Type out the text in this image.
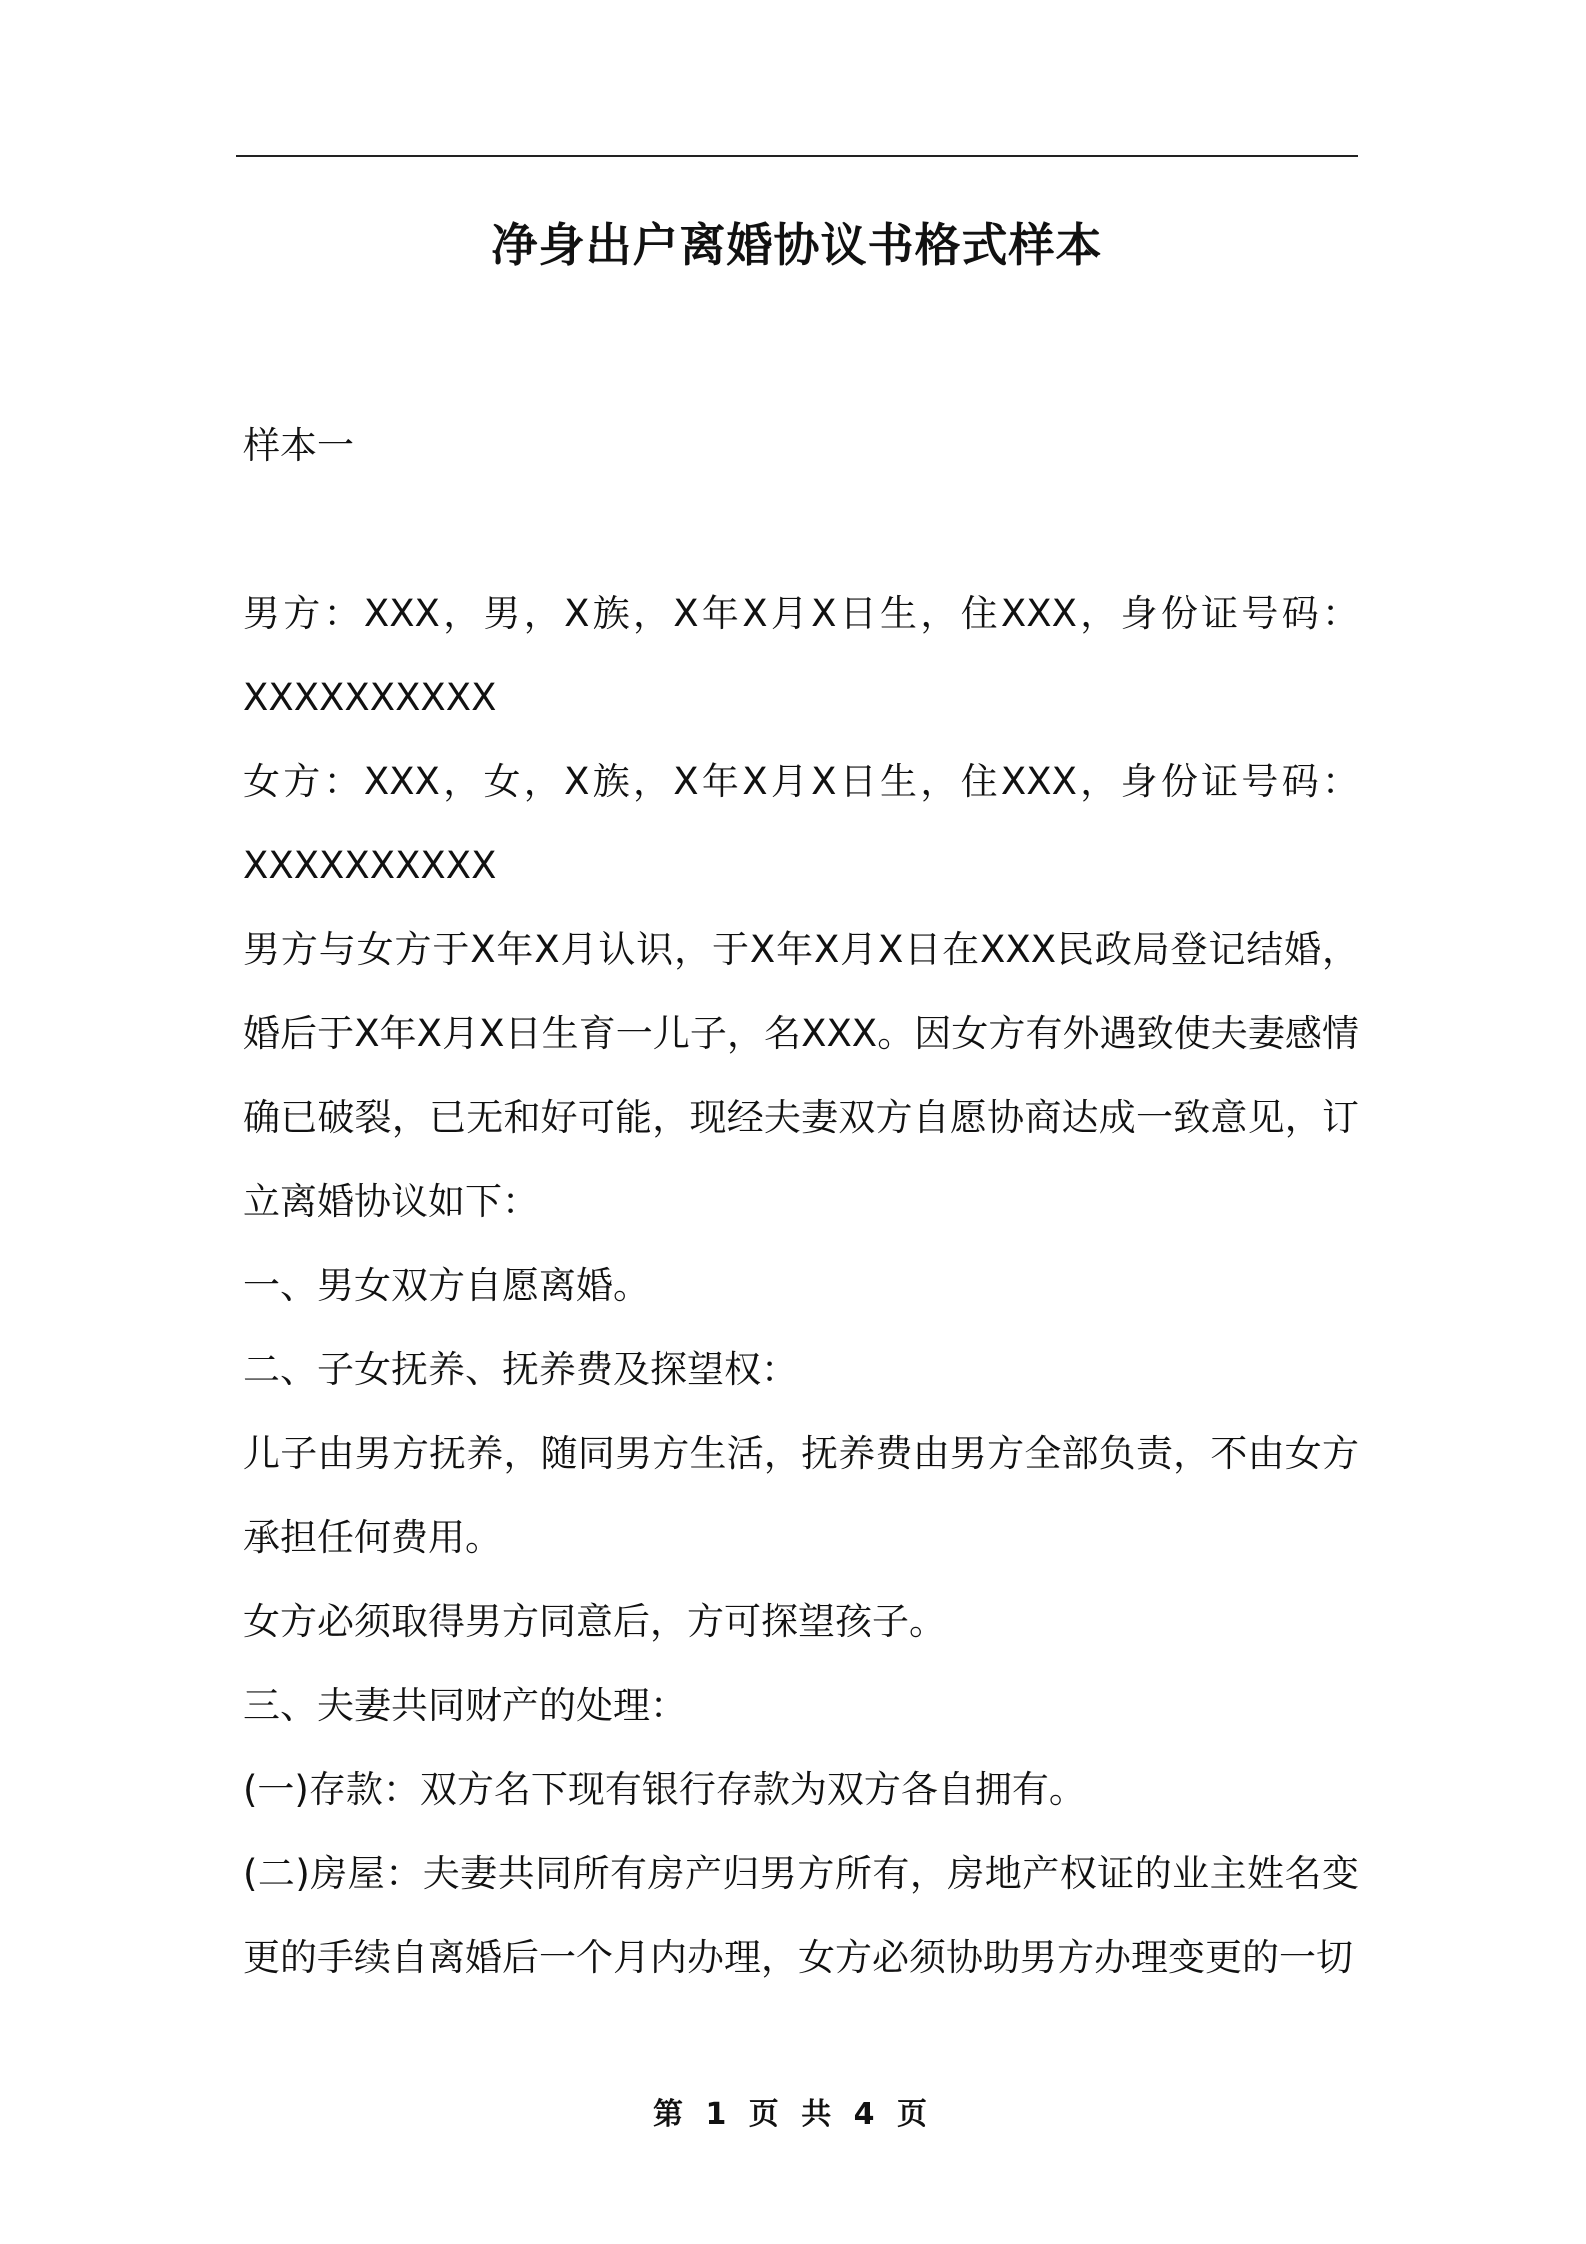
净身出户离婚协议书格式样本

样本一

男方：XXX，男，X族，X年X月X日生，住XXX，身份证号码：XXXXXXXXXX

女方：XXX，女，X族，X年X月X日生，住XXX，身份证号码：XXXXXXXXXX

男方与女方于X年X月认识，于X年X月X日在XXX民政局登记结婚，婚后于X年X月X日生育一儿子，名XXX。因女方有外遇致使夫妻感情确已破裂，已无和好可能，现经夫妻双方自愿协商达成一致意见，订立离婚协议如下：

一、男女双方自愿离婚。

二、子女抚养、抚养费及探望权：

儿子由男方抚养，随同男方生活，抚养费由男方全部负责，不由女方承担任何费用。

女方必须取得男方同意后，方可探望孩子。

三、夫妻共同财产的处理：

(一)存款：双方名下现有银行存款为双方各自拥有。

(二)房屋：夫妻共同所有房产归男方所有，房地产权证的业主姓名变更的手续自离婚后一个月内办理，女方必须协助男方办理变更的一切

第 1 页 共 4 页
